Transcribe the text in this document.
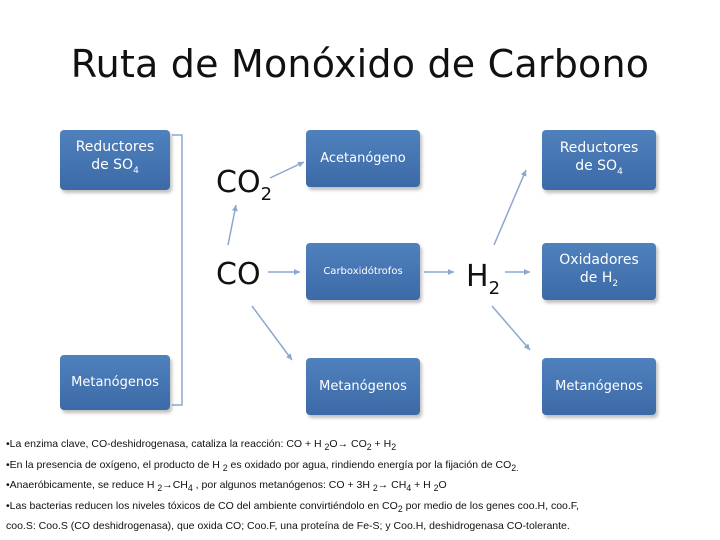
Ruta de Monóxido de Carbono
Reductores
de $SO_4$
Metanógenos
$CO_2$
CO	$H_2$
Acetanógeno
Carboxidótrofos
Metanógenos
Reductores
de $SO_4$
Oxidadores
de $H_2$
Metanógenos
•La enzima clave, CO-deshidrogenasa, cataliza la reacción: CO + H $_2O\to CO_2 + H_2$
•En la presencia de oxígeno, el producto de H $_2$ es oxidado por agua, rindiendo energía por la fijación de $CO_{2.}$
•Anaeróbicamente, se reduce H $_2\to CH_4$ , por algunos metanógenos: CO + 3H $_2\to CH_4 + H$ $_2$O
•Las bacterias reducen los niveles tóxicos de CO del ambiente convirtiéndolo en $CO_2$ por medio de los genes coo.H, coo.F,
coo.S: Coo.S (CO deshidrogenasa), que oxida CO; Coo.F, una proteína de Fe-S; y Coo.H, deshidrogenasa CO-tolerante.
